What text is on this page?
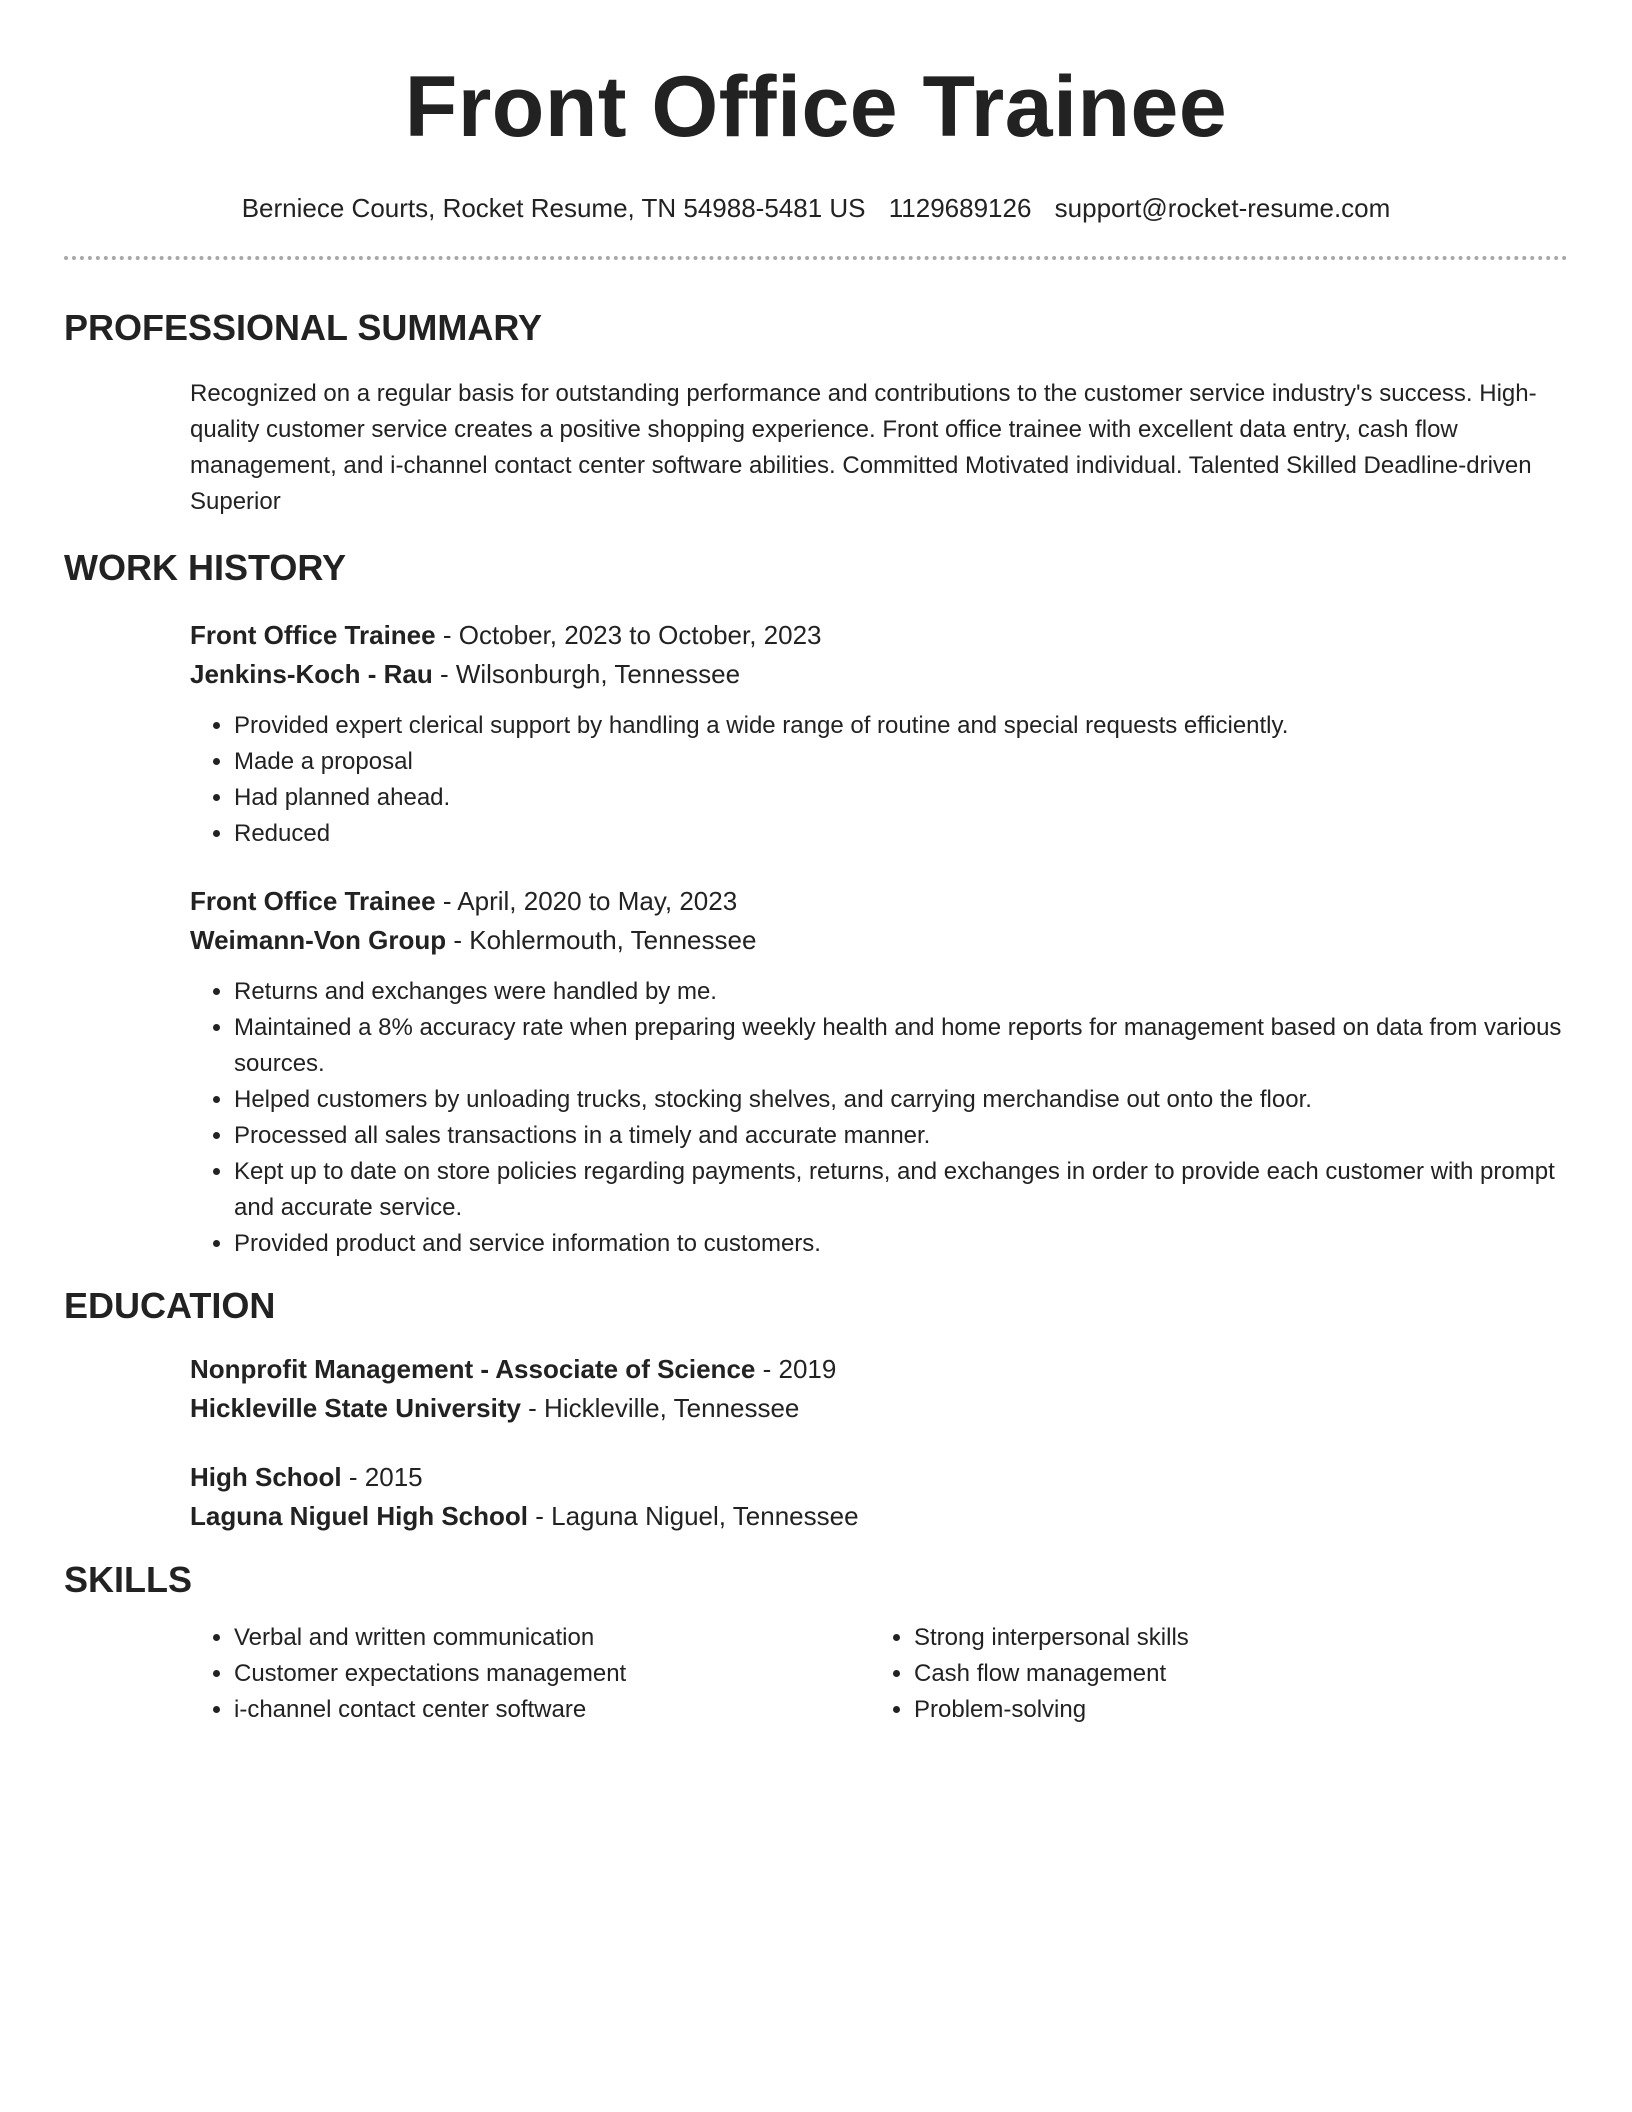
Front Office Trainee
Berniece Courts, Rocket Resume, TN 54988-5481 US 1129689126 support@rocket-resume.com
PROFESSIONAL SUMMARY

Recognized on a regular basis for outstanding performance and contributions to the customer service industry's success. High-quality customer service creates a positive shopping experience. Front office trainee with excellent data entry, cash flow management, and i-channel contact center software abilities. Committed Motivated individual. Talented Skilled Deadline-driven Superior

WORK HISTORY
Front Office Trainee - October, 2023 to October, 2023
Jenkins-Koch - Rau - Wilsonburgh, Tennessee
• Provided expert clerical support by handling a wide range of routine and special requests efficiently.
• Made a proposal
• Had planned ahead.
• Reduced
Front Office Trainee - April, 2020 to May, 2023
Weimann-Von Group - Kohlermouth, Tennessee
• Returns and exchanges were handled by me.
• Maintained a 8% accuracy rate when preparing weekly health and home reports for management based on data from various sources.
• Helped customers by unloading trucks, stocking shelves, and carrying merchandise out onto the floor.
• Processed all sales transactions in a timely and accurate manner.
• Kept up to date on store policies regarding payments, returns, and exchanges in order to provide each customer with prompt and accurate service.
• Provided product and service information to customers.
EDUCATION
Nonprofit Management - Associate of Science - 2019
Hickleville State University - Hickleville, Tennessee
High School - 2015
Laguna Niguel High School - Laguna Niguel, Tennessee
SKILLS
• Verbal and written communication
• Customer expectations management
• i-channel contact center software
• Strong interpersonal skills
• Cash flow management
• Problem-solving
